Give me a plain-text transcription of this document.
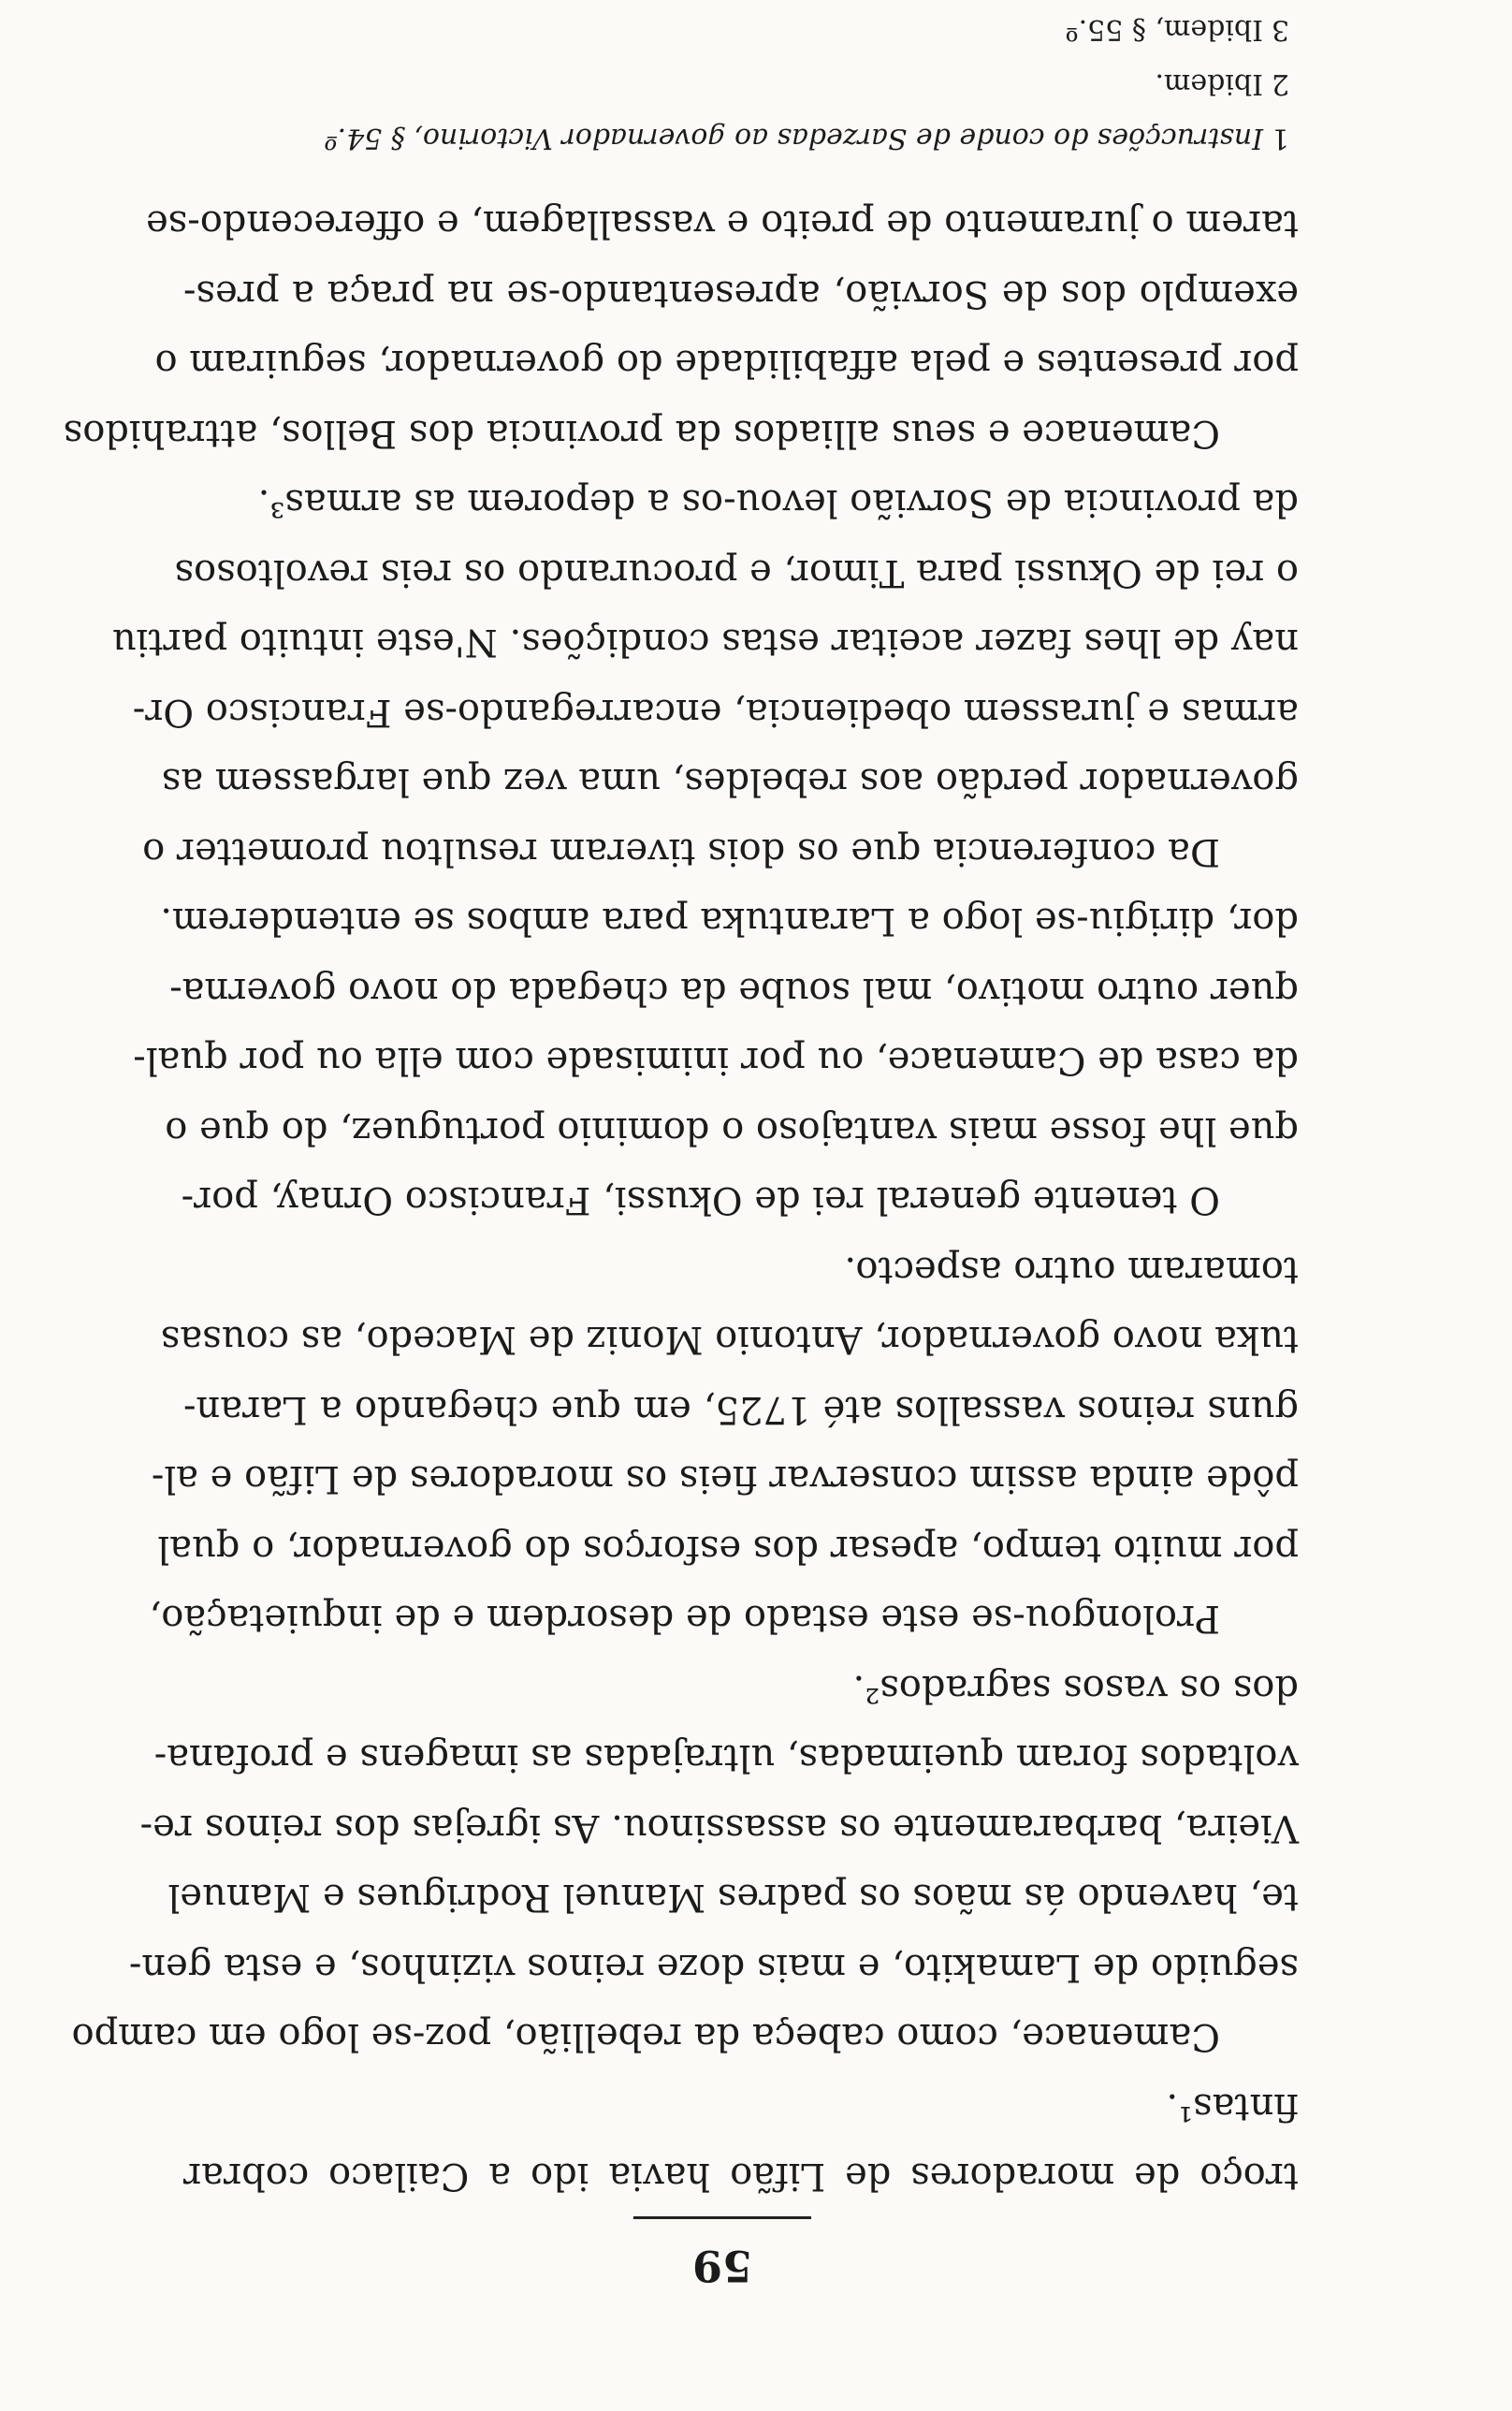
59
troço de moradores de Lifão havia ido a Cailaco cobrar
fintas¹.
Camenace, como cabeça da rebellião, poz-se logo em campo
seguido de Lamakito, e mais doze reinos vizinhos, e esta gen-
te, havendo ás mãos os padres Manuel Rodrigues e Manuel
Vieira, barbaramente os assassinou. As igrejas dos reinos re-
voltados foram queimadas, ultrajadas as imagens e profana-
dos os vasos sagrados².
Prolongou-se este estado de desordem e de inquietação,
por muito tempo, apesar dos esforços do governador, o qual
pôde ainda assim conservar fieis os moradores de Lifão e al-
guns reinos vassallos até 1725, em que chegando a Laran-
tuka novo governador, Antonio Moniz de Macedo, as cousas
tomaram outro aspecto.
O tenente general rei de Okussi, Francisco Ornay, por-
que lhe fosse mais vantajoso o dominio portuguez, do que o
da casa de Camenace, ou por inimisade com ella ou por qual-
quer outro motivo, mal soube da chegada do novo governa-
dor, dirigiu-se logo a Larantuka para ambos se entenderem.
Da conferencia que os dois tiveram resultou prometter o
governador perdão aos rebeldes, uma vez que largassem as
armas e jurassem obediencia, encarregando-se Francisco Or-
nay de lhes fazer aceitar estas condições. N'este intuito partiu
o rei de Okussi para Timor, e procurando os reis revoltosos
da provincia de Sorvião levou-os a deporem as armas³.
Camenace e seus alliados da provincia dos Bellos, attrahidos
por presentes e pela affabilidade do governador, seguiram o
exemplo dos de Sorvião, apresentando-se na praça a pres-
tarem o juramento de preito e vassallagem, e offerecendo-se
1Instrucções do conde de Sarzedas ao governador Victorino, § 54.º
2Ibidem.
3Ibidem, § 55.º
